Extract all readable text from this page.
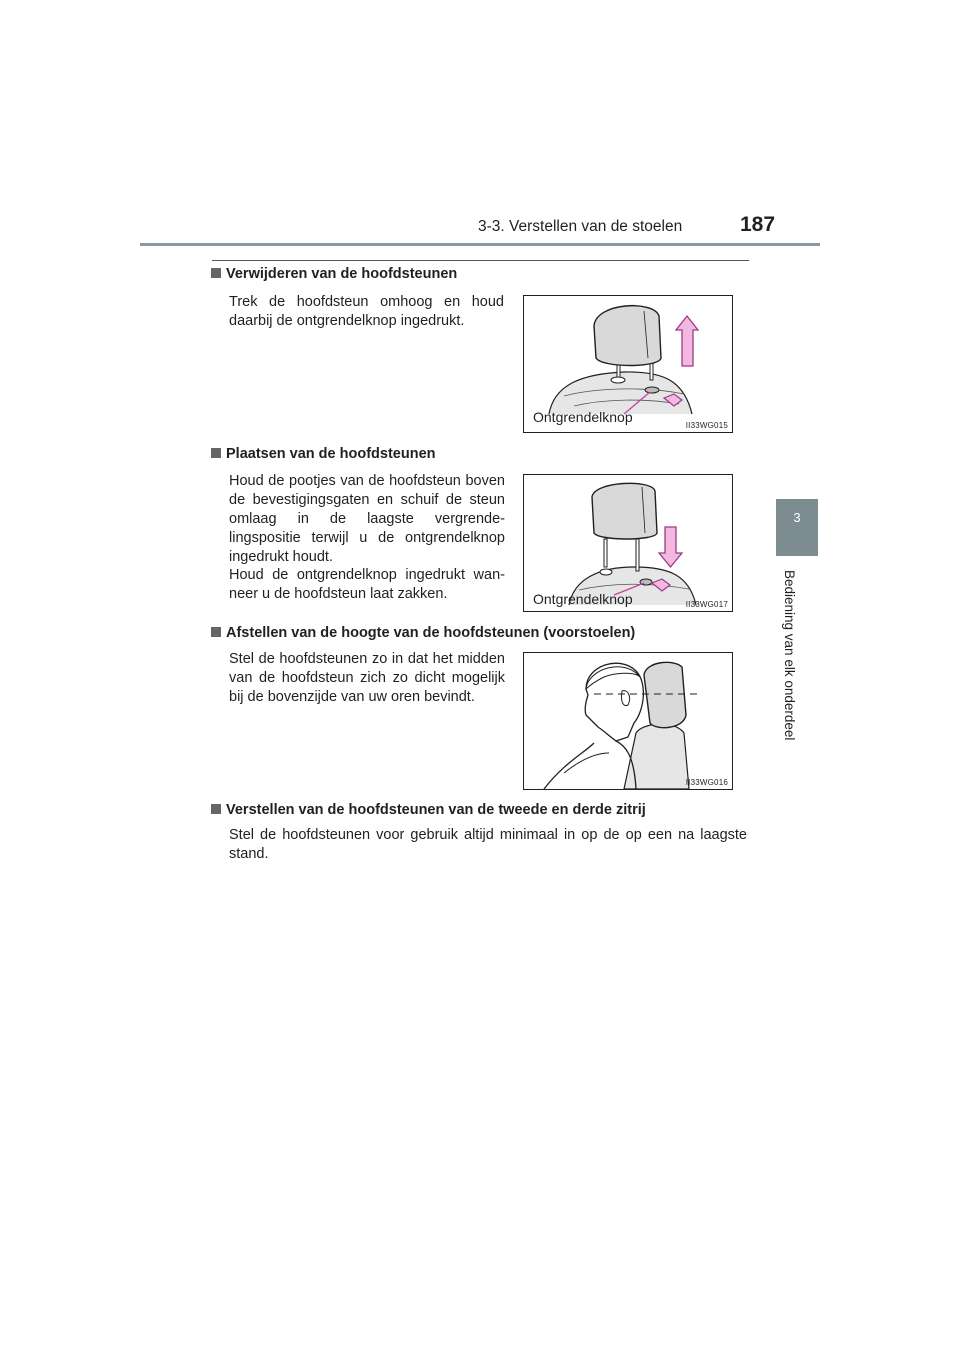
3-3. Verstellen van de stoelen	187
3
Bediening van elk onderdeel
Verwijderen van de hoofdsteunen
Trek de hoofdsteun omhoog en houd daarbij de ontgrendelknop ingedrukt.
Ontgrendelknop
II33WG015
Plaatsen van de hoofdsteunen
Houd de pootjes van de hoofdsteun boven de bevestigingsgaten en schuif de steun omlaag in de laagste vergrende-lingspositie terwijl u de ontgrendelknop ingedrukt houdt.
Houd de ontgrendelknop ingedrukt wan-neer u de hoofdsteun laat zakken.	Ontgrendelknop	II33WG017
Afstellen van de hoogte van de hoofdsteunen (voorstoelen)
Stel de hoofdsteunen zo in dat het midden van de hoofdsteun zich zo dicht mogelijk bij de bovenzijde van uw oren bevindt.
II33WG016
Verstellen van de hoofdsteunen van de tweede en derde zitrij
Stel de hoofdsteunen voor gebruik altijd minimaal in op de op een na laagste stand.
